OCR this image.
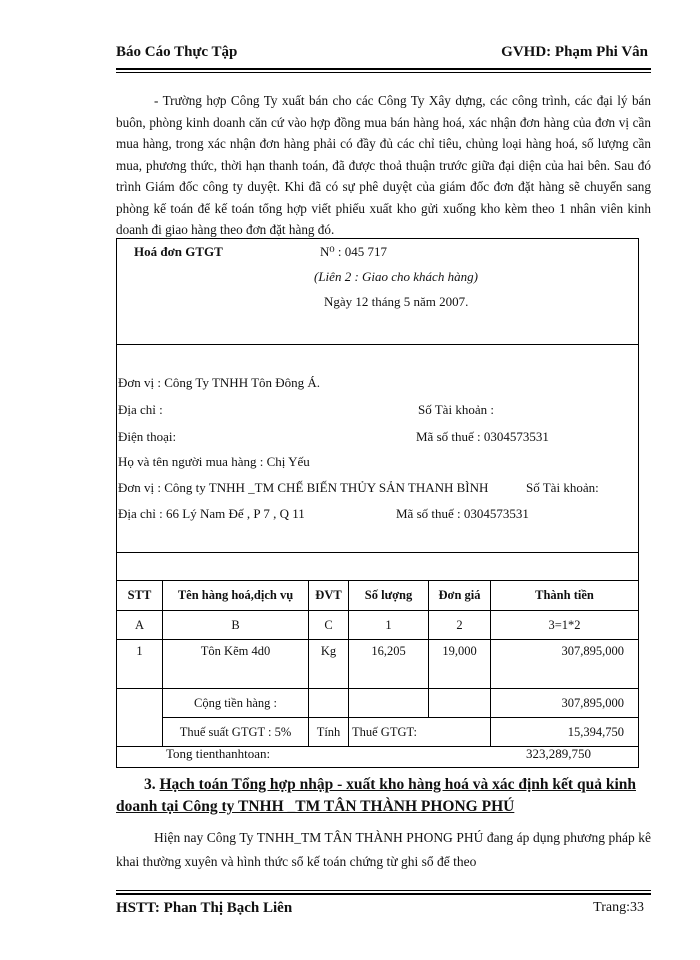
Báo Cáo Thực Tập	GVHD: Phạm Phi Vân

- Trường hợp Công Ty xuất bán cho các Công Ty Xây dựng, các công trình, các đại lý bán buôn, phòng kinh doanh căn cứ vào hợp đồng mua bán hàng hoá, xác nhận đơn hàng của đơn vị cần mua hàng, trong xác nhận đơn hàng phải có đầy đủ các chỉ tiêu, chủng loại hàng hoá, số lượng cần mua, phương thức, thời hạn thanh toán, đã được thoả thuận trước giữa đại diện của hai bên. Sau đó trình Giám đốc công ty duyệt. Khi đã có sự phê duyệt của giám đốc đơn đặt hàng sẽ chuyển sang phòng kế toán để kế toán tổng hợp viết phiếu xuất kho gửi xuống kho kèm theo 1 nhân viên kinh doanh đi giao hàng theo đơn đặt hàng đó.

Hoá đơn GTGT	N⁰ : 045 717
(Liên 2 : Giao cho khách hàng)
Ngày 12 tháng 5 năm 2007.
Đơn vị : Công Ty TNHH Tôn Đông Á.
Địa chỉ :	Số Tài khoản :
Điện thoại:	Mã số thuế : 0304573531
Họ và tên người mua hàng : Chị Yếu
Đơn vị : Công ty TNHH _TM CHẾ BIẾN THỦY SẢN THANH BÌNH	Số Tài khoản:
Địa chỉ : 66 Lý Nam Đế , P 7 , Q 11	Mã số thuế : 0304573531
STT	Tên hàng hoá,dịch vụ	ĐVT	Số lượng	Đơn giá	Thành tiền
A	B	C	1	2	3=1*2
1	Tôn Kẽm 4d0	Kg	16,205	19,000	307,895,000
	Cộng tiền hàng :				307,895,000
	Thuế suất GTGT : 5%	Tính	Thuế GTGT:		15,394,750
Tong tienthanhtoan:	323,289,750
3. Hạch toán Tổng hợp nhập - xuất kho hàng hoá và xác định kết quả kinh doanh tại Công ty TNHH _TM TÂN THÀNH PHONG PHÚ

Hiện nay Công Ty TNHH_TM TÂN THÀNH PHONG PHÚ đang áp dụng phương pháp kê khai thường xuyên và hình thức sổ kế toán chứng từ ghi sổ để theo

HSTT: Phan Thị Bạch Liên	Trang:33
